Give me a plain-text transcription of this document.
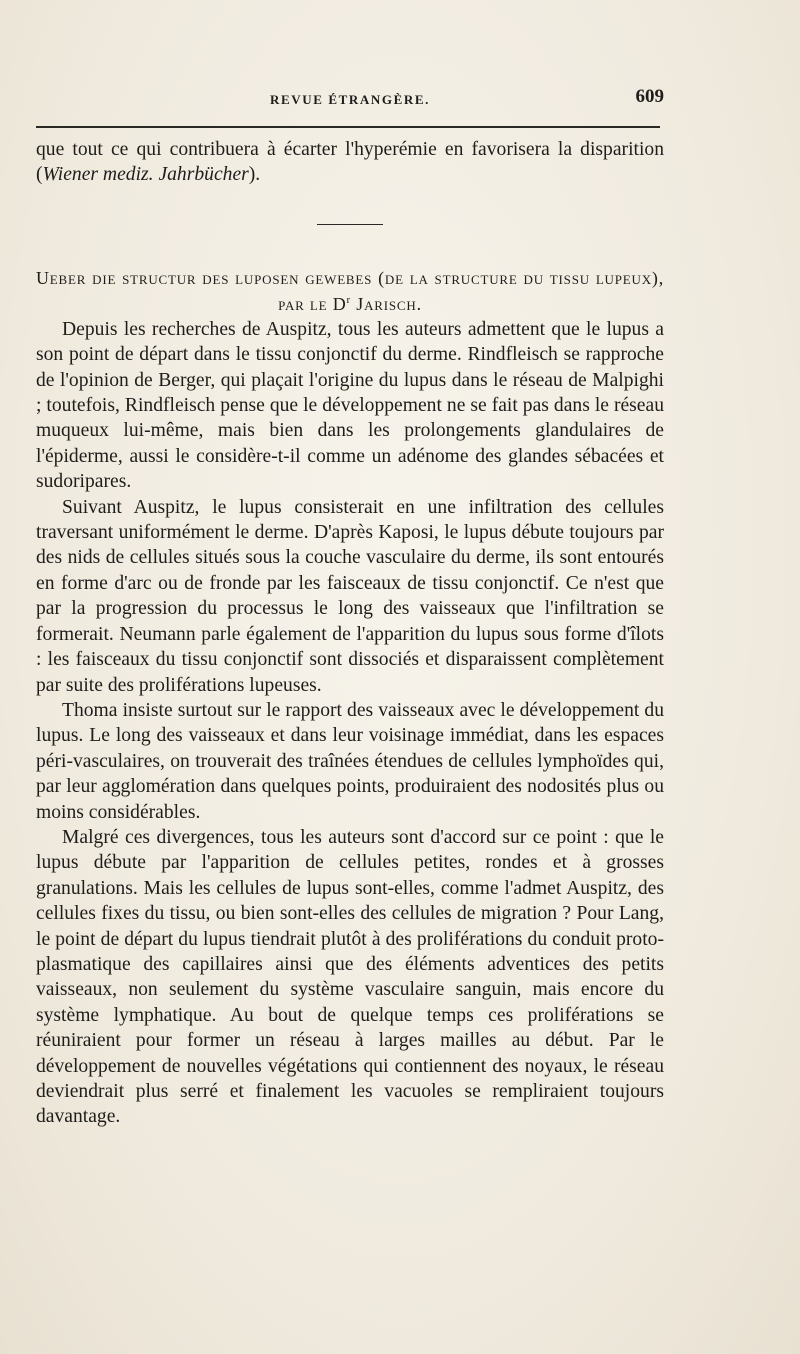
REVUE ÉTRANGÈRE.	609

que tout ce qui contribuera à écarter l'hyperémie en favorisera la disparition (Wiener mediz. Jahrbücher).

Ueber die structur des luposen gewebes (de la structure du tissu lupeux), par le $D^r$ Jarisch.

Depuis les recherches de Auspitz, tous les auteurs admettent que le lupus a son point de départ dans le tissu conjonctif du derme. Rindfleisch se rapproche de l'opinion de Berger, qui plaçait l'origine du lupus dans le réseau de Malpighi ; toutefois, Rindfleisch pense que le développement ne se fait pas dans le réseau muqueux lui-même, mais bien dans les prolongements glandulaires de l'épiderme, aussi le considère-t-il comme un adénome des glandes sébacées et sudoripares.

Suivant Auspitz, le lupus consisterait en une infiltration des cellules traversant uniformément le derme. D'après Kaposi, le lupus débute toujours par des nids de cellules situés sous la couche vasculaire du derme, ils sont entourés en forme d'arc ou de fronde par les faisceaux de tissu conjonctif. Ce n'est que par la progression du processus le long des vaisseaux que l'infiltration se formerait. Neumann parle également de l'apparition du lupus sous forme d'îlots : les faisceaux du tissu conjonctif sont dissociés et disparaissent complètement par suite des proliférations lupeuses.

Thoma insiste surtout sur le rapport des vaisseaux avec le développement du lupus. Le long des vaisseaux et dans leur voisinage immédiat, dans les espaces péri-vasculaires, on trouverait des traînées étendues de cellules lymphoïdes qui, par leur agglomération dans quelques points, produiraient des nodosités plus ou moins considérables.

Malgré ces divergences, tous les auteurs sont d'accord sur ce point : que le lupus débute par l'apparition de cellules petites, rondes et à grosses granulations. Mais les cellules de lupus sont-elles, comme l'admet Auspitz, des cellules fixes du tissu, ou bien sont-elles des cellules de migration ? Pour Lang, le point de départ du lupus tiendrait plutôt à des proliférations du conduit proto-plasmatique des capillaires ainsi que des éléments adventices des petits vaisseaux, non seulement du système vasculaire sanguin, mais encore du système lymphatique. Au bout de quelque temps ces proliférations se réuniraient pour former un réseau à larges mailles au début. Par le développement de nouvelles végétations qui contiennent des noyaux, le réseau deviendrait plus serré et finalement les vacuoles se rempliraient toujours davantage.
